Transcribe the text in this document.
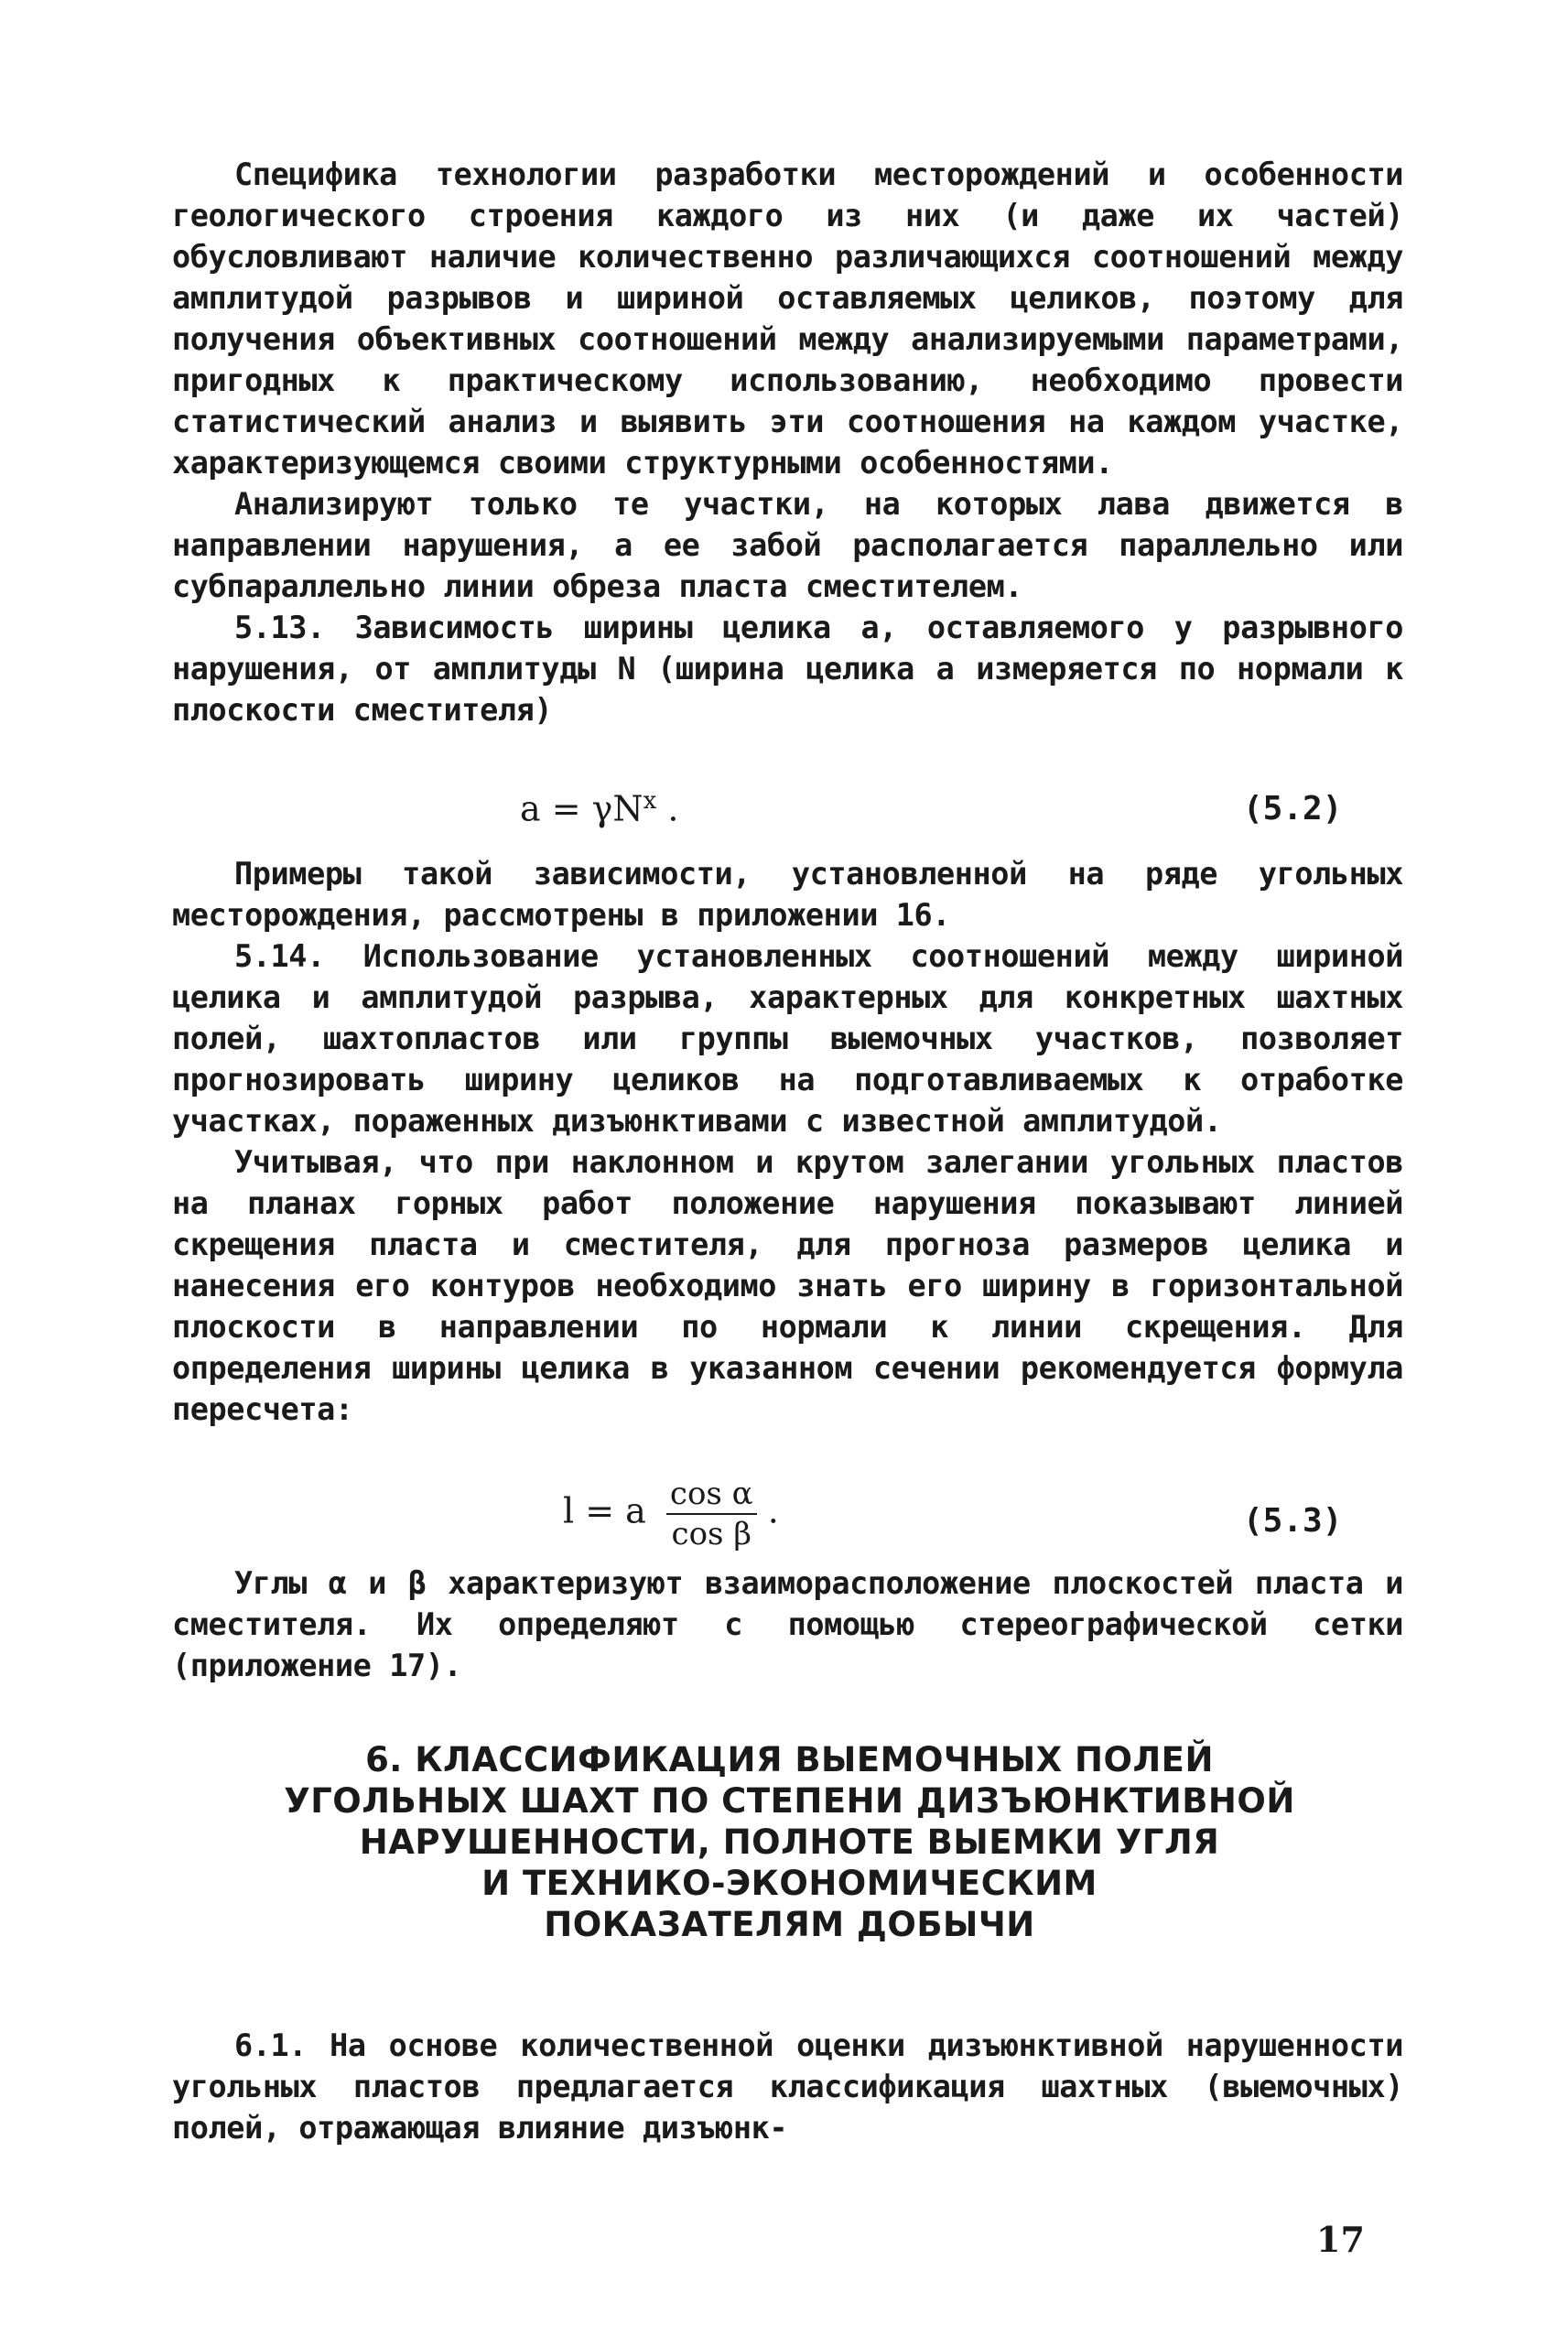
Специфика технологии разработки месторождений и особенности геологического строения каждого из них (и даже их частей) обусловливают наличие количественно различающихся соотношений между амплитудой разрывов и шириной оставляемых целиков, поэтому для получения объективных соотношений между анализируемыми параметрами, пригодных к практическому использованию, необходимо провести статистический анализ и выявить эти соотношения на каждом участке, характеризующемся своими структурными особенностями.

Анализируют только те участки, на которых лава движется в направлении нарушения, а ее забой располагается параллельно или субпараллельно линии обреза пласта сместителем.

5.13. Зависимость ширины целика a, оставляемого у разрывного нарушения, от амплитуды N (ширина целика a измеряется по нормали к плоскости сместителя)

$a = \gamma N^x$ .	(5.2)

Примеры такой зависимости, установленной на ряде угольных месторождения, рассмотрены в приложении 16.

5.14. Использование установленных соотношений между шириной целика и амплитудой разрыва, характерных для конкретных шахтных полей, шахтопластов или группы выемочных участков, позволяет прогнозировать ширину целиков на подготавливаемых к отработке участках, пораженных дизъюнктивами с известной амплитудой.

Учитывая, что при наклонном и крутом залегании угольных пластов на планах горных работ положение нарушения показывают линией скрещения пласта и сместителя, для прогноза размеров целика и нанесения его контуров необходимо знать его ширину в горизонтальной плоскости в направлении по нормали к линии скрещения. Для определения ширины целика в указанном сечении рекомендуется формула пересчета:

l = a $\frac{\text{cos α}}{\text{cos β}}$ .	(5.3)

Углы α и β характеризуют взаиморасположение плоскостей пласта и сместителя. Их определяют с помощью стереографической сетки (приложение 17).

6. КЛАССИФИКАЦИЯ ВЫЕМОЧНЫХ ПОЛЕЙ
УГОЛЬНЫХ ШАХТ ПО СТЕПЕНИ ДИЗЪЮНКТИВНОЙ
НАРУШЕННОСТИ, ПОЛНОТЕ ВЫЕМКИ УГЛЯ
И ТЕХНИКО-ЭКОНОМИЧЕСКИМ
ПОКАЗАТЕЛЯМ ДОБЫЧИ

6.1. На основе количественной оценки дизъюнктивной нарушенности угольных пластов предлагается классификация шахтных (выемочных) полей, отражающая влияние дизъюнк-

17
